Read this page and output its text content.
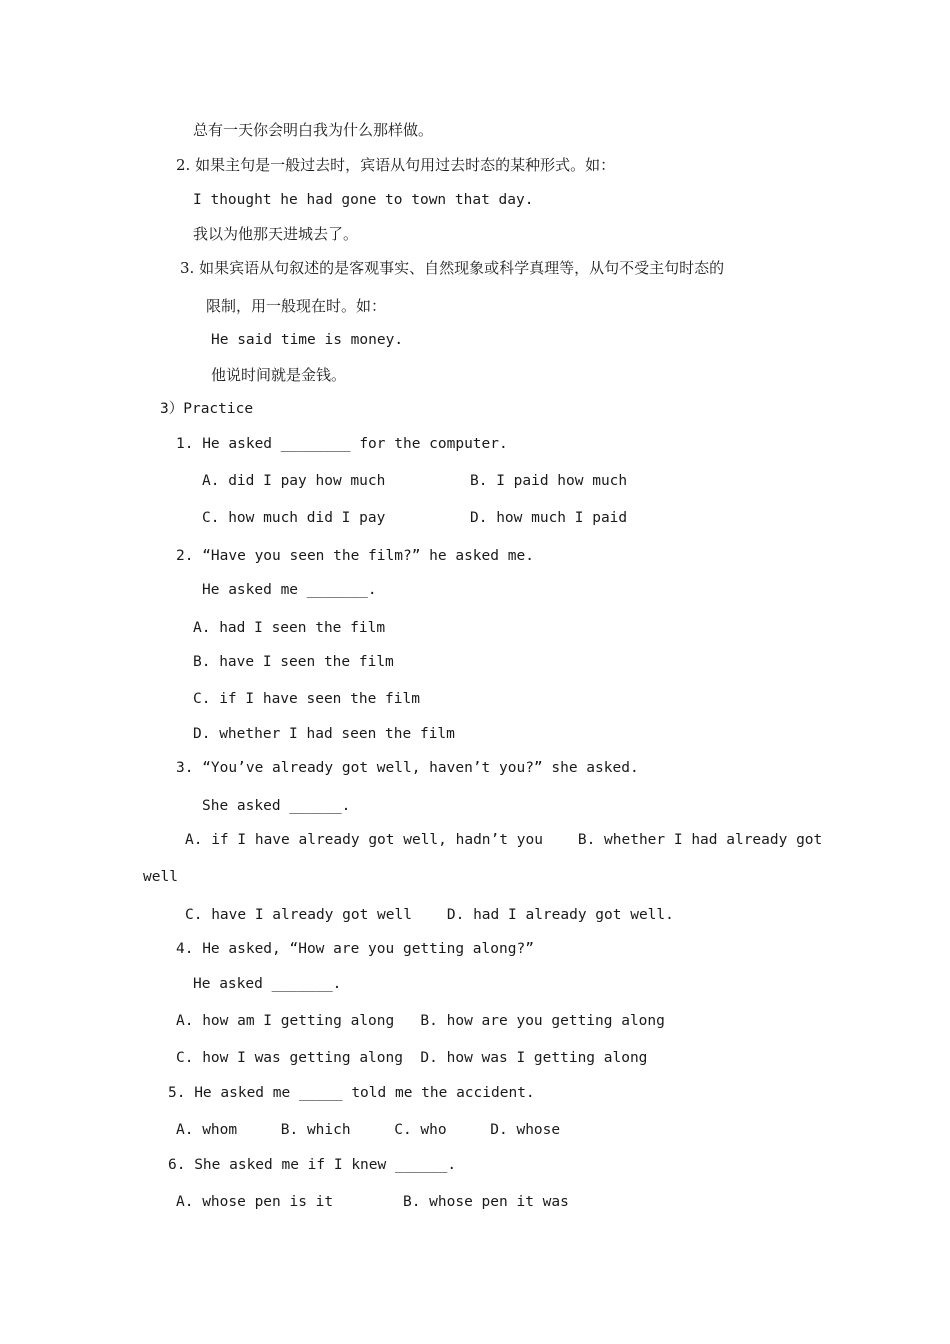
总有一天你会明白我为什么那样做。
2. 如果主句是一般过去时，宾语从句用过去时态的某种形式。如：
I thought he had gone to town that day.
我以为他那天进城去了。
3. 如果宾语从句叙述的是客观事实、自然现象或科学真理等，从句不受主句时态的
限制，用一般现在时。如：
He said time is money.
他说时间就是金钱。
3）Practice
1. He asked ________ for the computer.
A. did I pay how much	B. I paid how much
C. how much did I pay	D. how much I paid
2. “Have you seen the film?” he asked me.
He asked me _______.
A. had I seen the film
B. have I seen the film
C. if I have seen the film
D. whether I had seen the film
3. “You’ve already got well, haven’t you?” she asked.
She asked ______.
A. if I have already got well, hadn’t you    B. whether I had already got
well
C. have I already got well    D. had I already got well.
4. He asked, “How are you getting along?”
He asked _______.
A. how am I getting along   B. how are you getting along
C. how I was getting along  D. how was I getting along
5. He asked me _____ told me the accident.
A. whom     B. which     C. who     D. whose
6. She asked me if I knew ______.
A. whose pen is it        B. whose pen it was
